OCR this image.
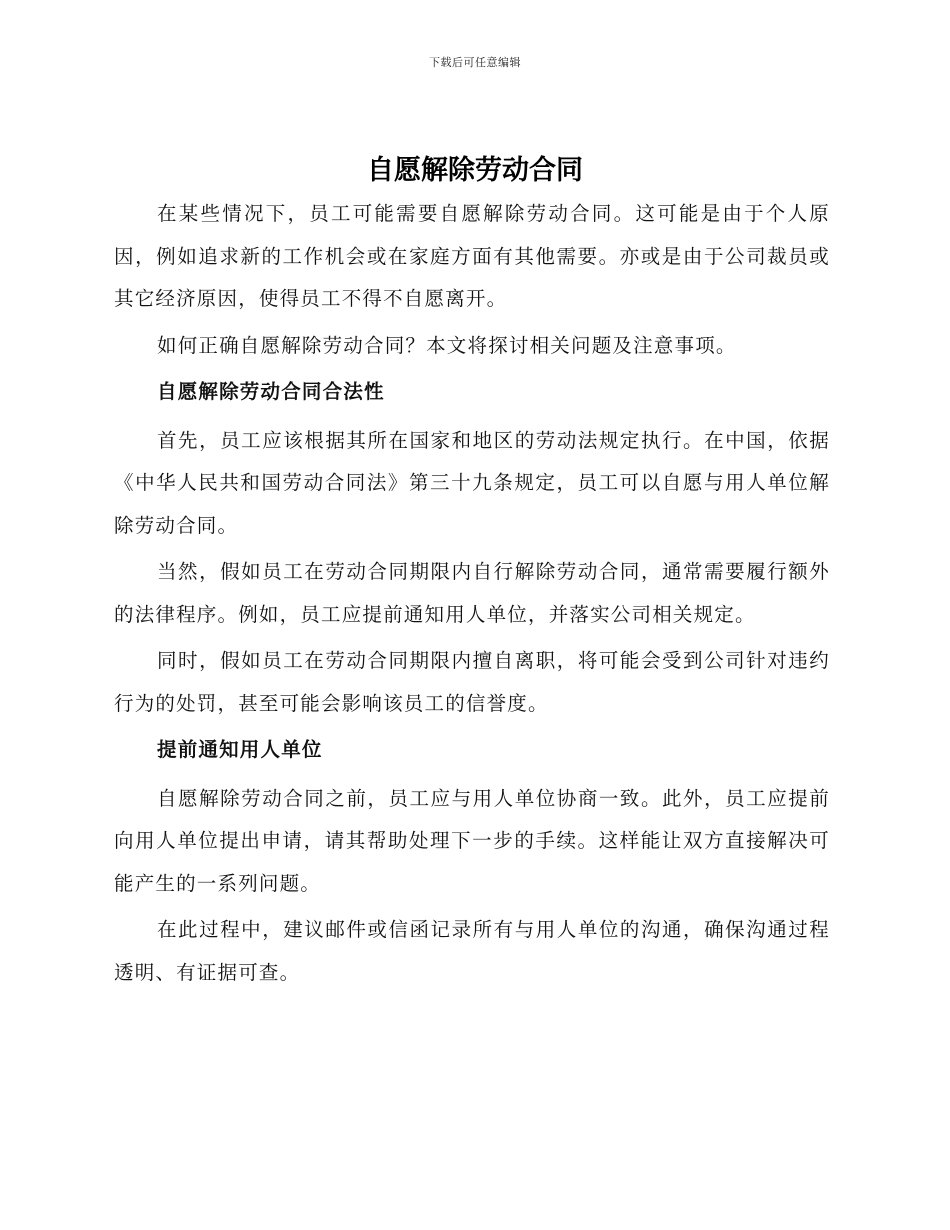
下载后可任意编辑
自愿解除劳动合同

在某些情况下，员工可能需要自愿解除劳动合同。这可能是由于个人原因，例如追求新的工作机会或在家庭方面有其他需要。亦或是由于公司裁员或其它经济原因，使得员工不得不自愿离开。

如何正确自愿解除劳动合同？本文将探讨相关问题及注意事项。

自愿解除劳动合同合法性

首先，员工应该根据其所在国家和地区的劳动法规定执行。在中国，依据《中华人民共和国劳动合同法》第三十九条规定，员工可以自愿与用人单位解除劳动合同。

当然，假如员工在劳动合同期限内自行解除劳动合同，通常需要履行额外的法律程序。例如，员工应提前通知用人单位，并落实公司相关规定。

同时，假如员工在劳动合同期限内擅自离职，将可能会受到公司针对违约行为的处罚，甚至可能会影响该员工的信誉度。

提前通知用人单位

自愿解除劳动合同之前，员工应与用人单位协商一致。此外，员工应提前向用人单位提出申请，请其帮助处理下一步的手续。这样能让双方直接解决可能产生的一系列问题。

在此过程中，建议邮件或信函记录所有与用人单位的沟通，确保沟通过程透明、有证据可查。
